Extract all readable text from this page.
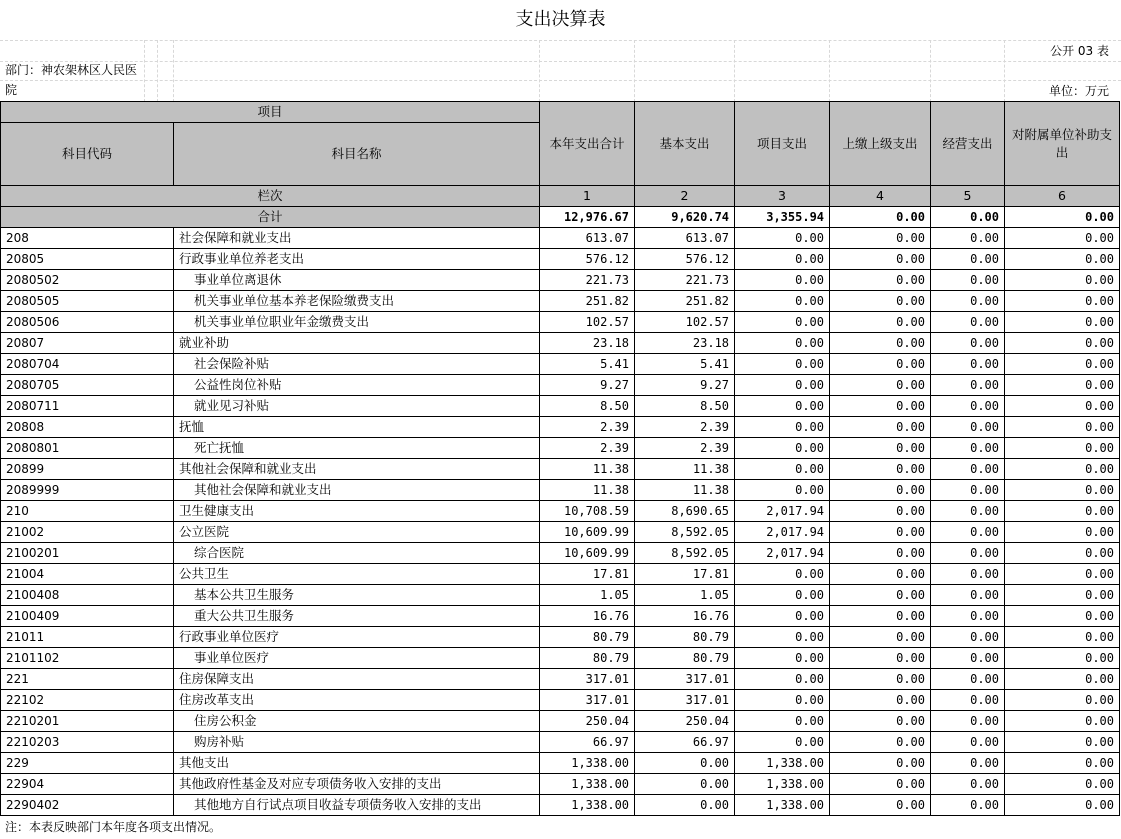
支出决算表
公开 03 表
部门：神农架林区人民医院	单位：万元
项目		本年支出合计	基本支出	项目支出	上缴上级支出	经营支出	对附属单位补助支出
科目代码	科目名称						
栏次		1	2	3	4	5	6
合计		12,976.67	9,620.74	3,355.94	0.00	0.00	0.00
208	社会保障和就业支出	613.07	613.07	0.00	0.00	0.00	0.00
20805	行政事业单位养老支出	576.12	576.12	0.00	0.00	0.00	0.00
2080502	事业单位离退休	221.73	221.73	0.00	0.00	0.00	0.00
2080505	机关事业单位基本养老保险缴费支出	251.82	251.82	0.00	0.00	0.00	0.00
2080506	机关事业单位职业年金缴费支出	102.57	102.57	0.00	0.00	0.00	0.00
20807	就业补助	23.18	23.18	0.00	0.00	0.00	0.00
2080704	社会保险补贴	5.41	5.41	0.00	0.00	0.00	0.00
2080705	公益性岗位补贴	9.27	9.27	0.00	0.00	0.00	0.00
2080711	就业见习补贴	8.50	8.50	0.00	0.00	0.00	0.00
20808	抚恤	2.39	2.39	0.00	0.00	0.00	0.00
2080801	死亡抚恤	2.39	2.39	0.00	0.00	0.00	0.00
20899	其他社会保障和就业支出	11.38	11.38	0.00	0.00	0.00	0.00
2089999	其他社会保障和就业支出	11.38	11.38	0.00	0.00	0.00	0.00
210	卫生健康支出	10,708.59	8,690.65	2,017.94	0.00	0.00	0.00
21002	公立医院	10,609.99	8,592.05	2,017.94	0.00	0.00	0.00
2100201	综合医院	10,609.99	8,592.05	2,017.94	0.00	0.00	0.00
21004	公共卫生	17.81	17.81	0.00	0.00	0.00	0.00
2100408	基本公共卫生服务	1.05	1.05	0.00	0.00	0.00	0.00
2100409	重大公共卫生服务	16.76	16.76	0.00	0.00	0.00	0.00
21011	行政事业单位医疗	80.79	80.79	0.00	0.00	0.00	0.00
2101102	事业单位医疗	80.79	80.79	0.00	0.00	0.00	0.00
221	住房保障支出	317.01	317.01	0.00	0.00	0.00	0.00
22102	住房改革支出	317.01	317.01	0.00	0.00	0.00	0.00
2210201	住房公积金	250.04	250.04	0.00	0.00	0.00	0.00
2210203	购房补贴	66.97	66.97	0.00	0.00	0.00	0.00
229	其他支出	1,338.00	0.00	1,338.00	0.00	0.00	0.00
22904	其他政府性基金及对应专项债务收入安排的支出	1,338.00	0.00	1,338.00	0.00	0.00	0.00
2290402	其他地方自行试点项目收益专项债务收入安排的支出	1,338.00	0.00	1,338.00	0.00	0.00	0.00
注：本表反映部门本年度各项支出情况。
